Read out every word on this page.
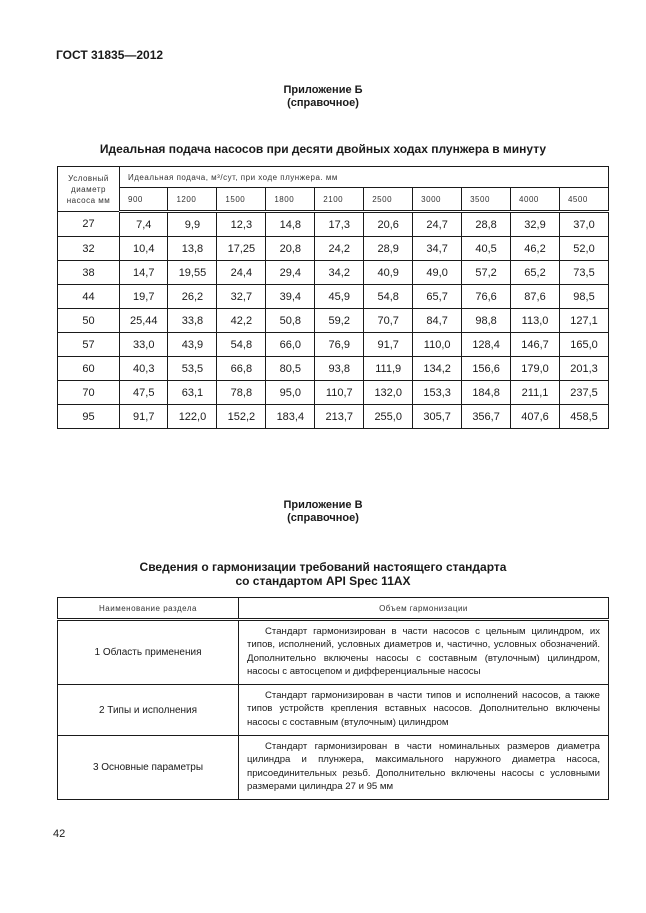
ГОСТ 31835—2012
Приложение Б
(справочное)
Идеальная подача насосов при десяти двойных ходах плунжера в минуту
Условный диаметр насоса мм	Идеальная подача, м³/сут, при ходе плунжера. мм									
	900	1200	1500	1800	2100	2500	3000	3500	4000	4500
27	7,4	9,9	12,3	14,8	17,3	20,6	24,7	28,8	32,9	37,0
32	10,4	13,8	17,25	20,8	24,2	28,9	34,7	40,5	46,2	52,0
38	14,7	19,55	24,4	29,4	34,2	40,9	49,0	57,2	65,2	73,5
44	19,7	26,2	32,7	39,4	45,9	54,8	65,7	76,6	87,6	98,5
50	25,44	33,8	42,2	50,8	59,2	70,7	84,7	98,8	113,0	127,1
57	33,0	43,9	54,8	66,0	76,9	91,7	110,0	128,4	146,7	165,0
60	40,3	53,5	66,8	80,5	93,8	111,9	134,2	156,6	179,0	201,3
70	47,5	63,1	78,8	95,0	110,7	132,0	153,3	184,8	211,1	237,5
95	91,7	122,0	152,2	183,4	213,7	255,0	305,7	356,7	407,6	458,5
Приложение В
(справочное)
Сведения о гармонизации требований настоящего стандарта
со стандартом API Spec 11AX
Наименование раздела	Объем гармонизации
1 Область применения	Стандарт гармонизирован в части насосов с цельным цилиндром, их типов, исполнений, условных диаметров и, частично, условных обозначений. Дополнительно включены насосы с составным (втулочным) цилиндром, насосы с автосцепом и дифференциальные насосы

2 Типы и исполнения	Стандарт гармонизирован в части типов и исполнений насосов, а также типов устройств крепления вставных насосов. Дополнительно включены насосы с составным (втулочным) цилиндром

3 Основные параметры	Стандарт гармонизирован в части номинальных размеров диаметра цилиндра и плунжера, максимального наружного диаметра насоса, присоединительных резьб. Дополнительно включены насосы с условными размерами цилиндра 27 и 95 мм
42
